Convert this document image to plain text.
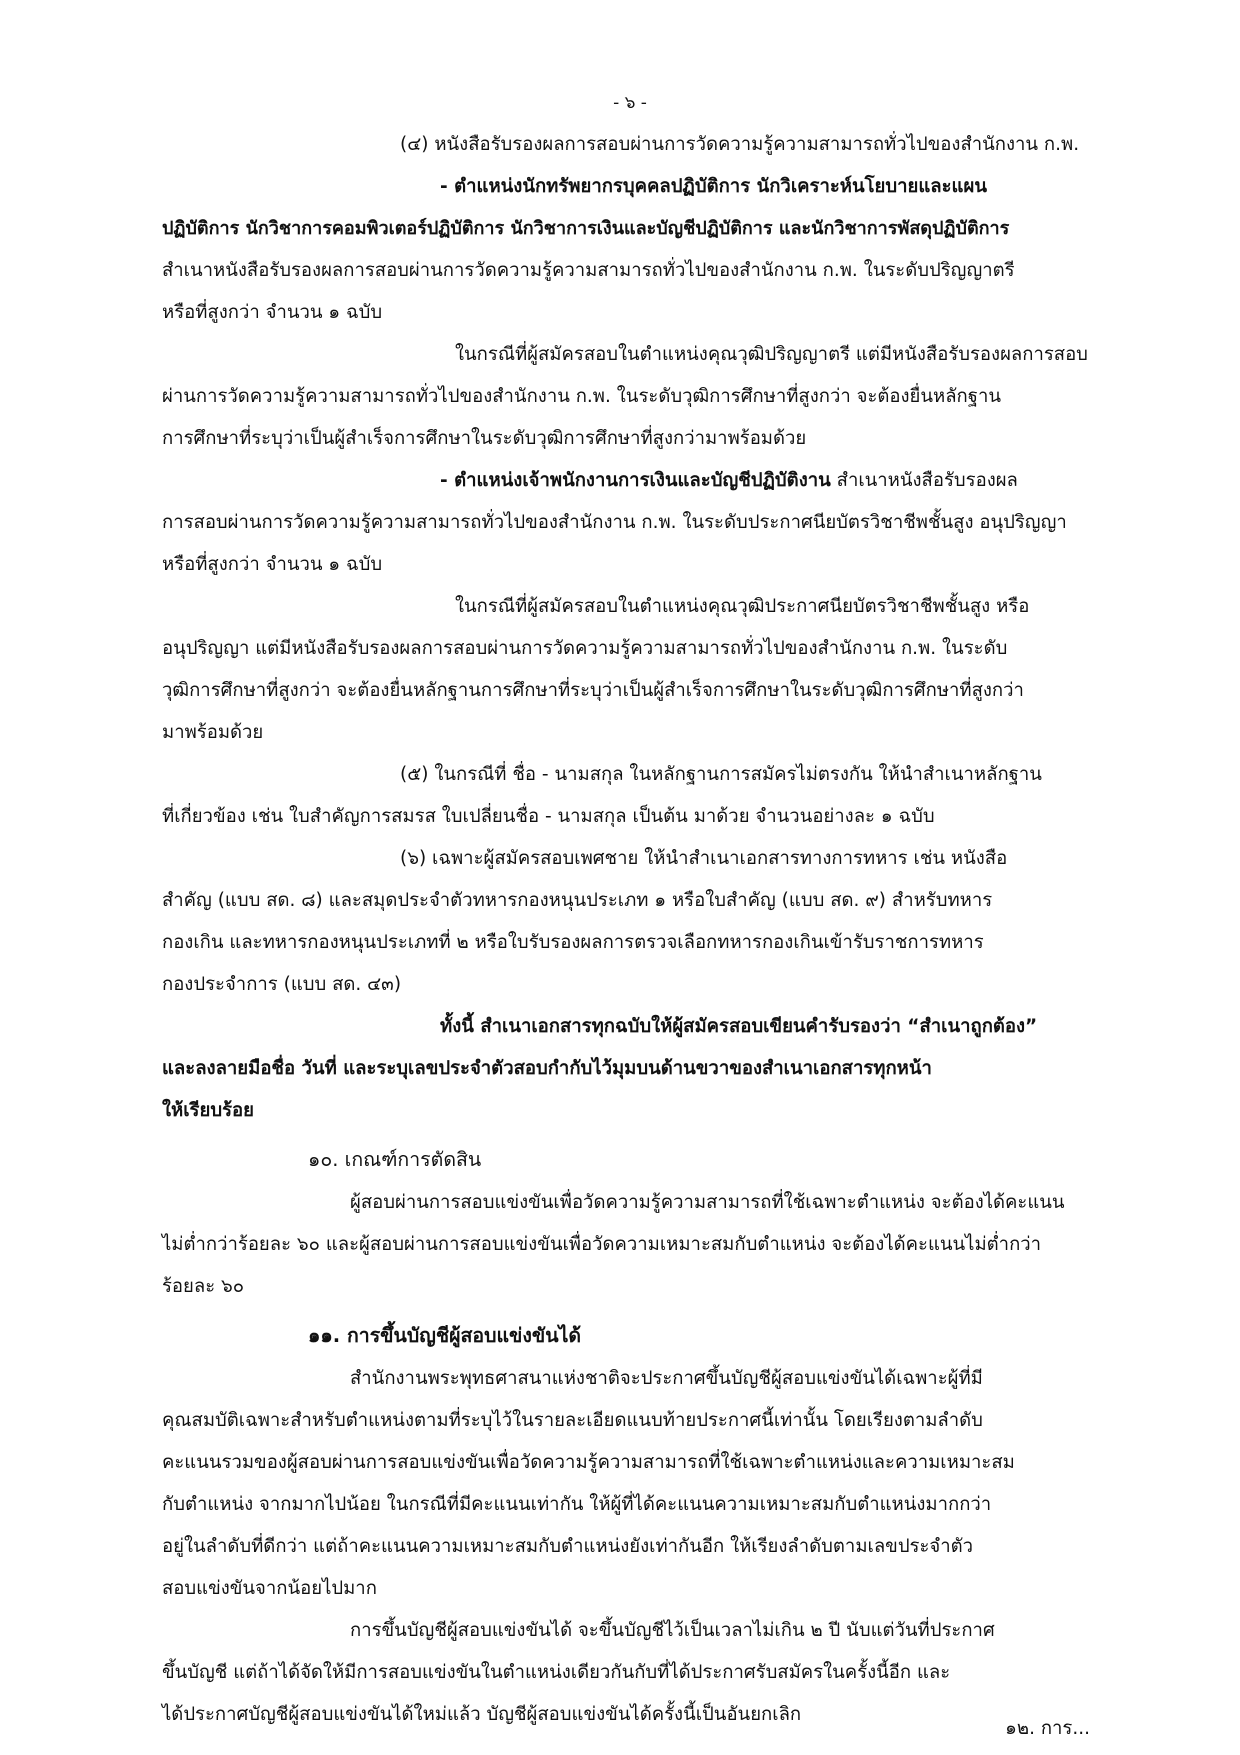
- ๖ -
(๔) หนังสือรับรองผลการสอบผ่านการวัดความรู้ความสามารถทั่วไปของสำนักงาน ก.พ.
- ตำแหน่งนักทรัพยากรบุคคลปฏิบัติการ นักวิเคราะห์นโยบายและแผน
ปฏิบัติการ นักวิชาการคอมพิวเตอร์ปฏิบัติการ นักวิชาการเงินและบัญชีปฏิบัติการ และนักวิชาการพัสดุปฏิบัติการ
สำเนาหนังสือรับรองผลการสอบผ่านการวัดความรู้ความสามารถทั่วไปของสำนักงาน ก.พ. ในระดับปริญญาตรี
หรือที่สูงกว่า จำนวน ๑ ฉบับ
ในกรณีที่ผู้สมัครสอบในตำแหน่งคุณวุฒิปริญญาตรี แต่มีหนังสือรับรองผลการสอบ
ผ่านการวัดความรู้ความสามารถทั่วไปของสำนักงาน ก.พ. ในระดับวุฒิการศึกษาที่สูงกว่า จะต้องยื่นหลักฐาน
การศึกษาที่ระบุว่าเป็นผู้สำเร็จการศึกษาในระดับวุฒิการศึกษาที่สูงกว่ามาพร้อมด้วย
- ตำแหน่งเจ้าพนักงานการเงินและบัญชีปฏิบัติงาน สำเนาหนังสือรับรองผล
การสอบผ่านการวัดความรู้ความสามารถทั่วไปของสำนักงาน ก.พ. ในระดับประกาศนียบัตรวิชาชีพชั้นสูง อนุปริญญา
หรือที่สูงกว่า จำนวน ๑ ฉบับ
ในกรณีที่ผู้สมัครสอบในตำแหน่งคุณวุฒิประกาศนียบัตรวิชาชีพชั้นสูง หรือ
อนุปริญญา แต่มีหนังสือรับรองผลการสอบผ่านการวัดความรู้ความสามารถทั่วไปของสำนักงาน ก.พ. ในระดับ
วุฒิการศึกษาที่สูงกว่า จะต้องยื่นหลักฐานการศึกษาที่ระบุว่าเป็นผู้สำเร็จการศึกษาในระดับวุฒิการศึกษาที่สูงกว่า
มาพร้อมด้วย
(๕) ในกรณีที่ ชื่อ - นามสกุล ในหลักฐานการสมัครไม่ตรงกัน ให้นำสำเนาหลักฐาน
ที่เกี่ยวข้อง เช่น ใบสำคัญการสมรส ใบเปลี่ยนชื่อ - นามสกุล เป็นต้น มาด้วย จำนวนอย่างละ ๑ ฉบับ
(๖) เฉพาะผู้สมัครสอบเพศชาย ให้นำสำเนาเอกสารทางการทหาร เช่น หนังสือ
สำคัญ (แบบ สด. ๘) และสมุดประจำตัวทหารกองหนุนประเภท ๑ หรือใบสำคัญ (แบบ สด. ๙) สำหรับทหาร
กองเกิน และทหารกองหนุนประเภทที่ ๒ หรือใบรับรองผลการตรวจเลือกทหารกองเกินเข้ารับราชการทหาร
กองประจำการ (แบบ สด. ๔๓)
ทั้งนี้ สำเนาเอกสารทุกฉบับให้ผู้สมัครสอบเขียนคำรับรองว่า “สำเนาถูกต้อง”
และลงลายมือชื่อ วันที่ และระบุเลขประจำตัวสอบกำกับไว้มุมบนด้านขวาของสำเนาเอกสารทุกหน้า
ให้เรียบร้อย
๑๐. เกณฑ์การตัดสิน
ผู้สอบผ่านการสอบแข่งขันเพื่อวัดความรู้ความสามารถที่ใช้เฉพาะตำแหน่ง จะต้องได้คะแนน
ไม่ต่ำกว่าร้อยละ ๖๐ และผู้สอบผ่านการสอบแข่งขันเพื่อวัดความเหมาะสมกับตำแหน่ง จะต้องได้คะแนนไม่ต่ำกว่า
ร้อยละ ๖๐
๑๑. การขึ้นบัญชีผู้สอบแข่งขันได้
สำนักงานพระพุทธศาสนาแห่งชาติจะประกาศขึ้นบัญชีผู้สอบแข่งขันได้เฉพาะผู้ที่มี
คุณสมบัติเฉพาะสำหรับตำแหน่งตามที่ระบุไว้ในรายละเอียดแนบท้ายประกาศนี้เท่านั้น โดยเรียงตามลำดับ
คะแนนรวมของผู้สอบผ่านการสอบแข่งขันเพื่อวัดความรู้ความสามารถที่ใช้เฉพาะตำแหน่งและความเหมาะสม
กับตำแหน่ง จากมากไปน้อย ในกรณีที่มีคะแนนเท่ากัน ให้ผู้ที่ได้คะแนนความเหมาะสมกับตำแหน่งมากกว่า
อยู่ในลำดับที่ดีกว่า แต่ถ้าคะแนนความเหมาะสมกับตำแหน่งยังเท่ากันอีก ให้เรียงลำดับตามเลขประจำตัว
สอบแข่งขันจากน้อยไปมาก
การขึ้นบัญชีผู้สอบแข่งขันได้ จะขึ้นบัญชีไว้เป็นเวลาไม่เกิน ๒ ปี นับแต่วันที่ประกาศ
ขึ้นบัญชี แต่ถ้าได้จัดให้มีการสอบแข่งขันในตำแหน่งเดียวกันกับที่ได้ประกาศรับสมัครในครั้งนี้อีก และ
ได้ประกาศบัญชีผู้สอบแข่งขันได้ใหม่แล้ว บัญชีผู้สอบแข่งขันได้ครั้งนี้เป็นอันยกเลิก
๑๒. การ...
